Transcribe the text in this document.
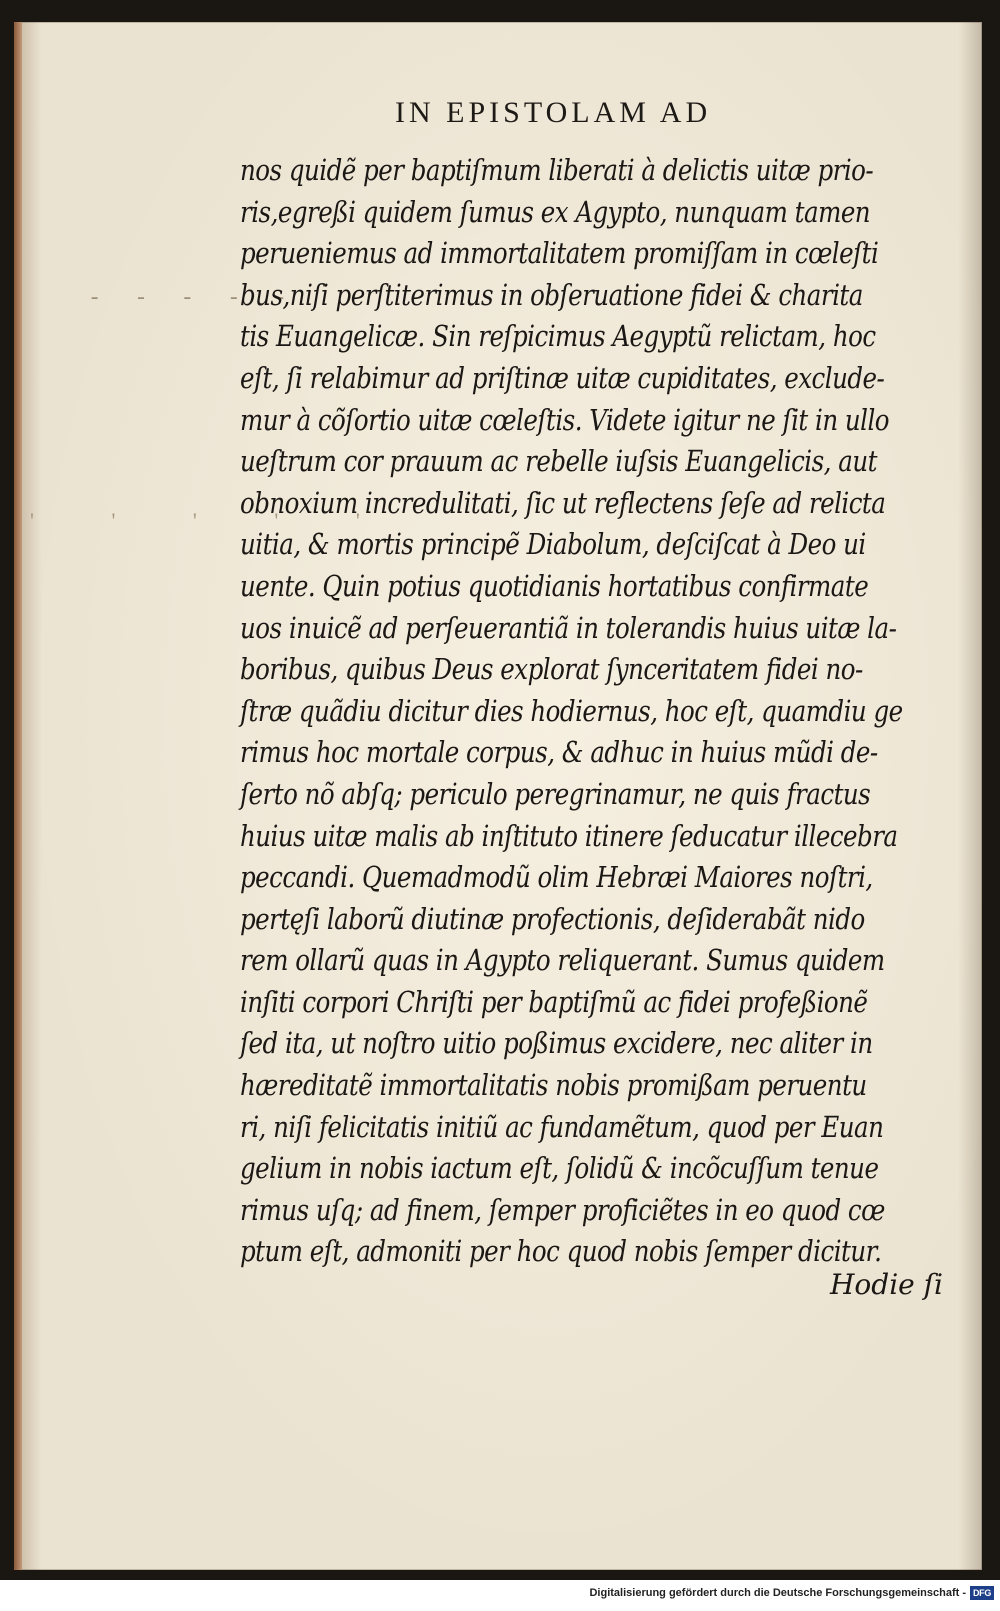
IN EPISTOLAM AD
- - - - -
' ' ' ' '
nos quidẽ per baptiſmum liberati à delictis uitæ prio-
ris,egreßi quidem ſumus ex Agypto, nunquam tamen
perueniemus ad immortalitatem promiſſam in cœleſti
bus,niſi perſtiterimus in obſeruatione fidei & charita
tis Euangelicæ. Sin reſpicimus Aegyptũ relictam, hoc
eſt, ſi relabimur ad priſtinæ uitæ cupiditates, exclude-
mur à cõſortio uitæ cœleſtis. Videte igitur ne ſit in ullo
ueſtrum cor prauum ac rebelle iuſsis Euangelicis, aut
obnoxium incredulitati, ſic ut reflectens ſeſe ad relicta
uitia, & mortis principẽ Diabolum, deſciſcat à Deo ui
uente. Quin potius quotidianis hortatibus confirmate
uos inuicẽ ad perſeuerantiã in tolerandis huius uitæ la-
boribus, quibus Deus explorat ſynceritatem fidei no-
ſtræ quãdiu dicitur dies hodiernus, hoc eſt, quamdiu ge
rimus hoc mortale corpus, & adhuc in huius mũdi de-
ſerto nõ abſq; periculo peregrinamur, ne quis fractus
huius uitæ malis ab inſtituto itinere ſeducatur illecebra
peccandi. Quemadmodũ olim Hebræi Maiores noſtri,
pertęſi laborũ diutinæ profectionis, deſiderabãt nido
rem ollarũ quas in Agypto reliquerant. Sumus quidem
inſiti corpori Chriſti per baptiſmũ ac fidei profeßionẽ
ſed ita, ut noſtro uitio poßimus excidere, nec aliter in
hæreditatẽ immortalitatis nobis promißam peruentu
ri, niſi felicitatis initiũ ac fundamẽtum, quod per Euan
gelium in nobis iactum eſt, ſolidũ & incõcuſſum tenue
rimus uſq; ad finem, ſemper proficiẽtes in eo quod cœ
ptum eſt, admoniti per hoc quod nobis ſemper dicitur.
Hodie ſi
Digitalisierung gefördert durch die Deutsche Forschungsgemeinschaft - DFG
